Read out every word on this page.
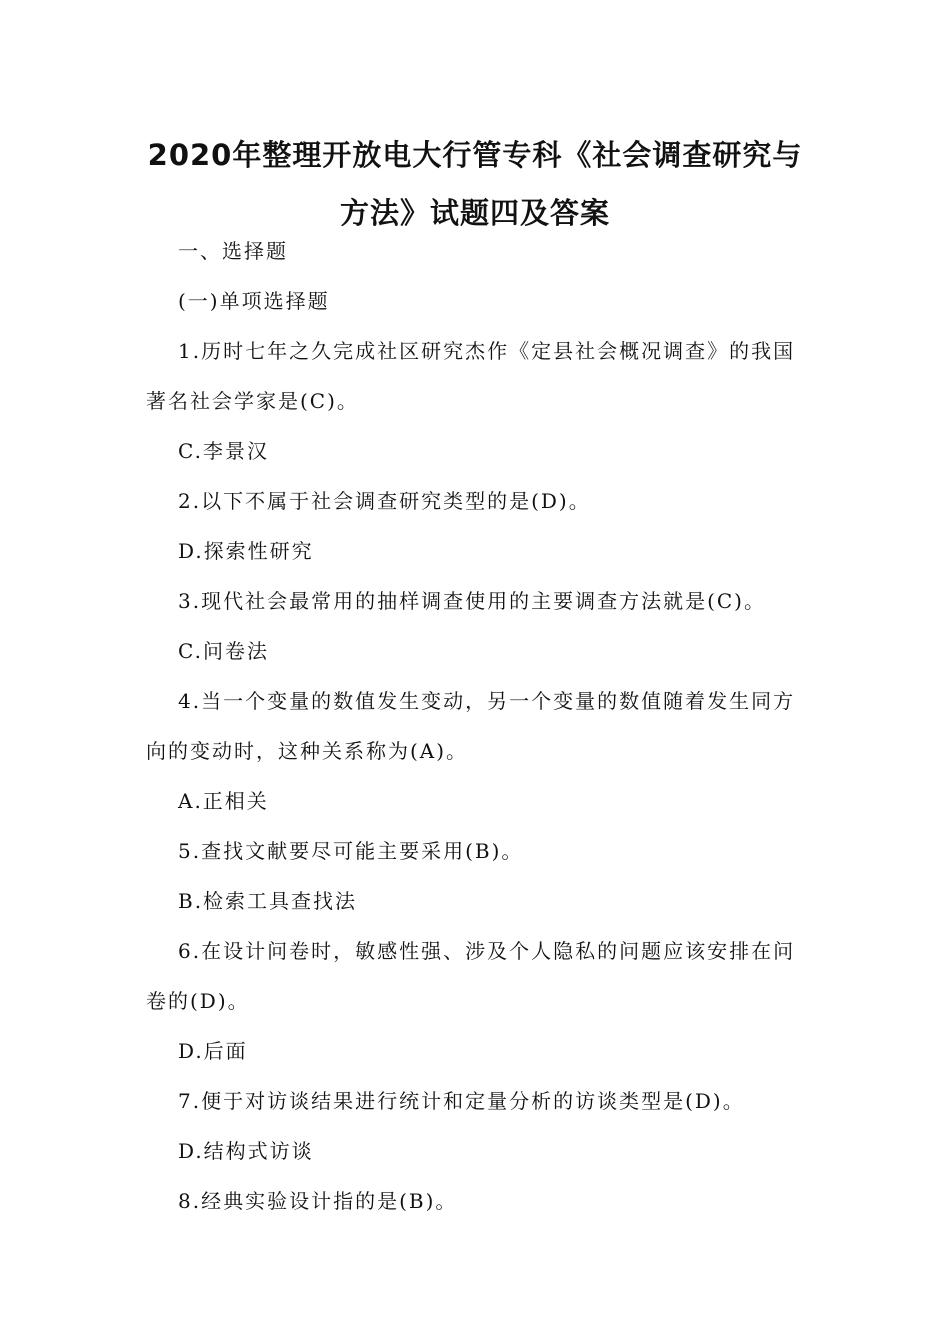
2020年整理开放电大行管专科《社会调查研究与方法》试题四及答案

一、选择题

(一)单项选择题

1.历时七年之久完成社区研究杰作《定县社会概况调查》的我国著名社会学家是(C)。

C.李景汉

2.以下不属于社会调查研究类型的是(D)。

D.探索性研究

3.现代社会最常用的抽样调查使用的主要调查方法就是(C)。

C.问卷法

4.当一个变量的数值发生变动，另一个变量的数值随着发生同方向的变动时，这种关系称为(A)。

A.正相关

5.查找文献要尽可能主要采用(B)。

B.检索工具查找法

6.在设计问卷时，敏感性强、涉及个人隐私的问题应该安排在问卷的(D)。

D.后面

7.便于对访谈结果进行统计和定量分析的访谈类型是(D)。

D.结构式访谈

8.经典实验设计指的是(B)。
